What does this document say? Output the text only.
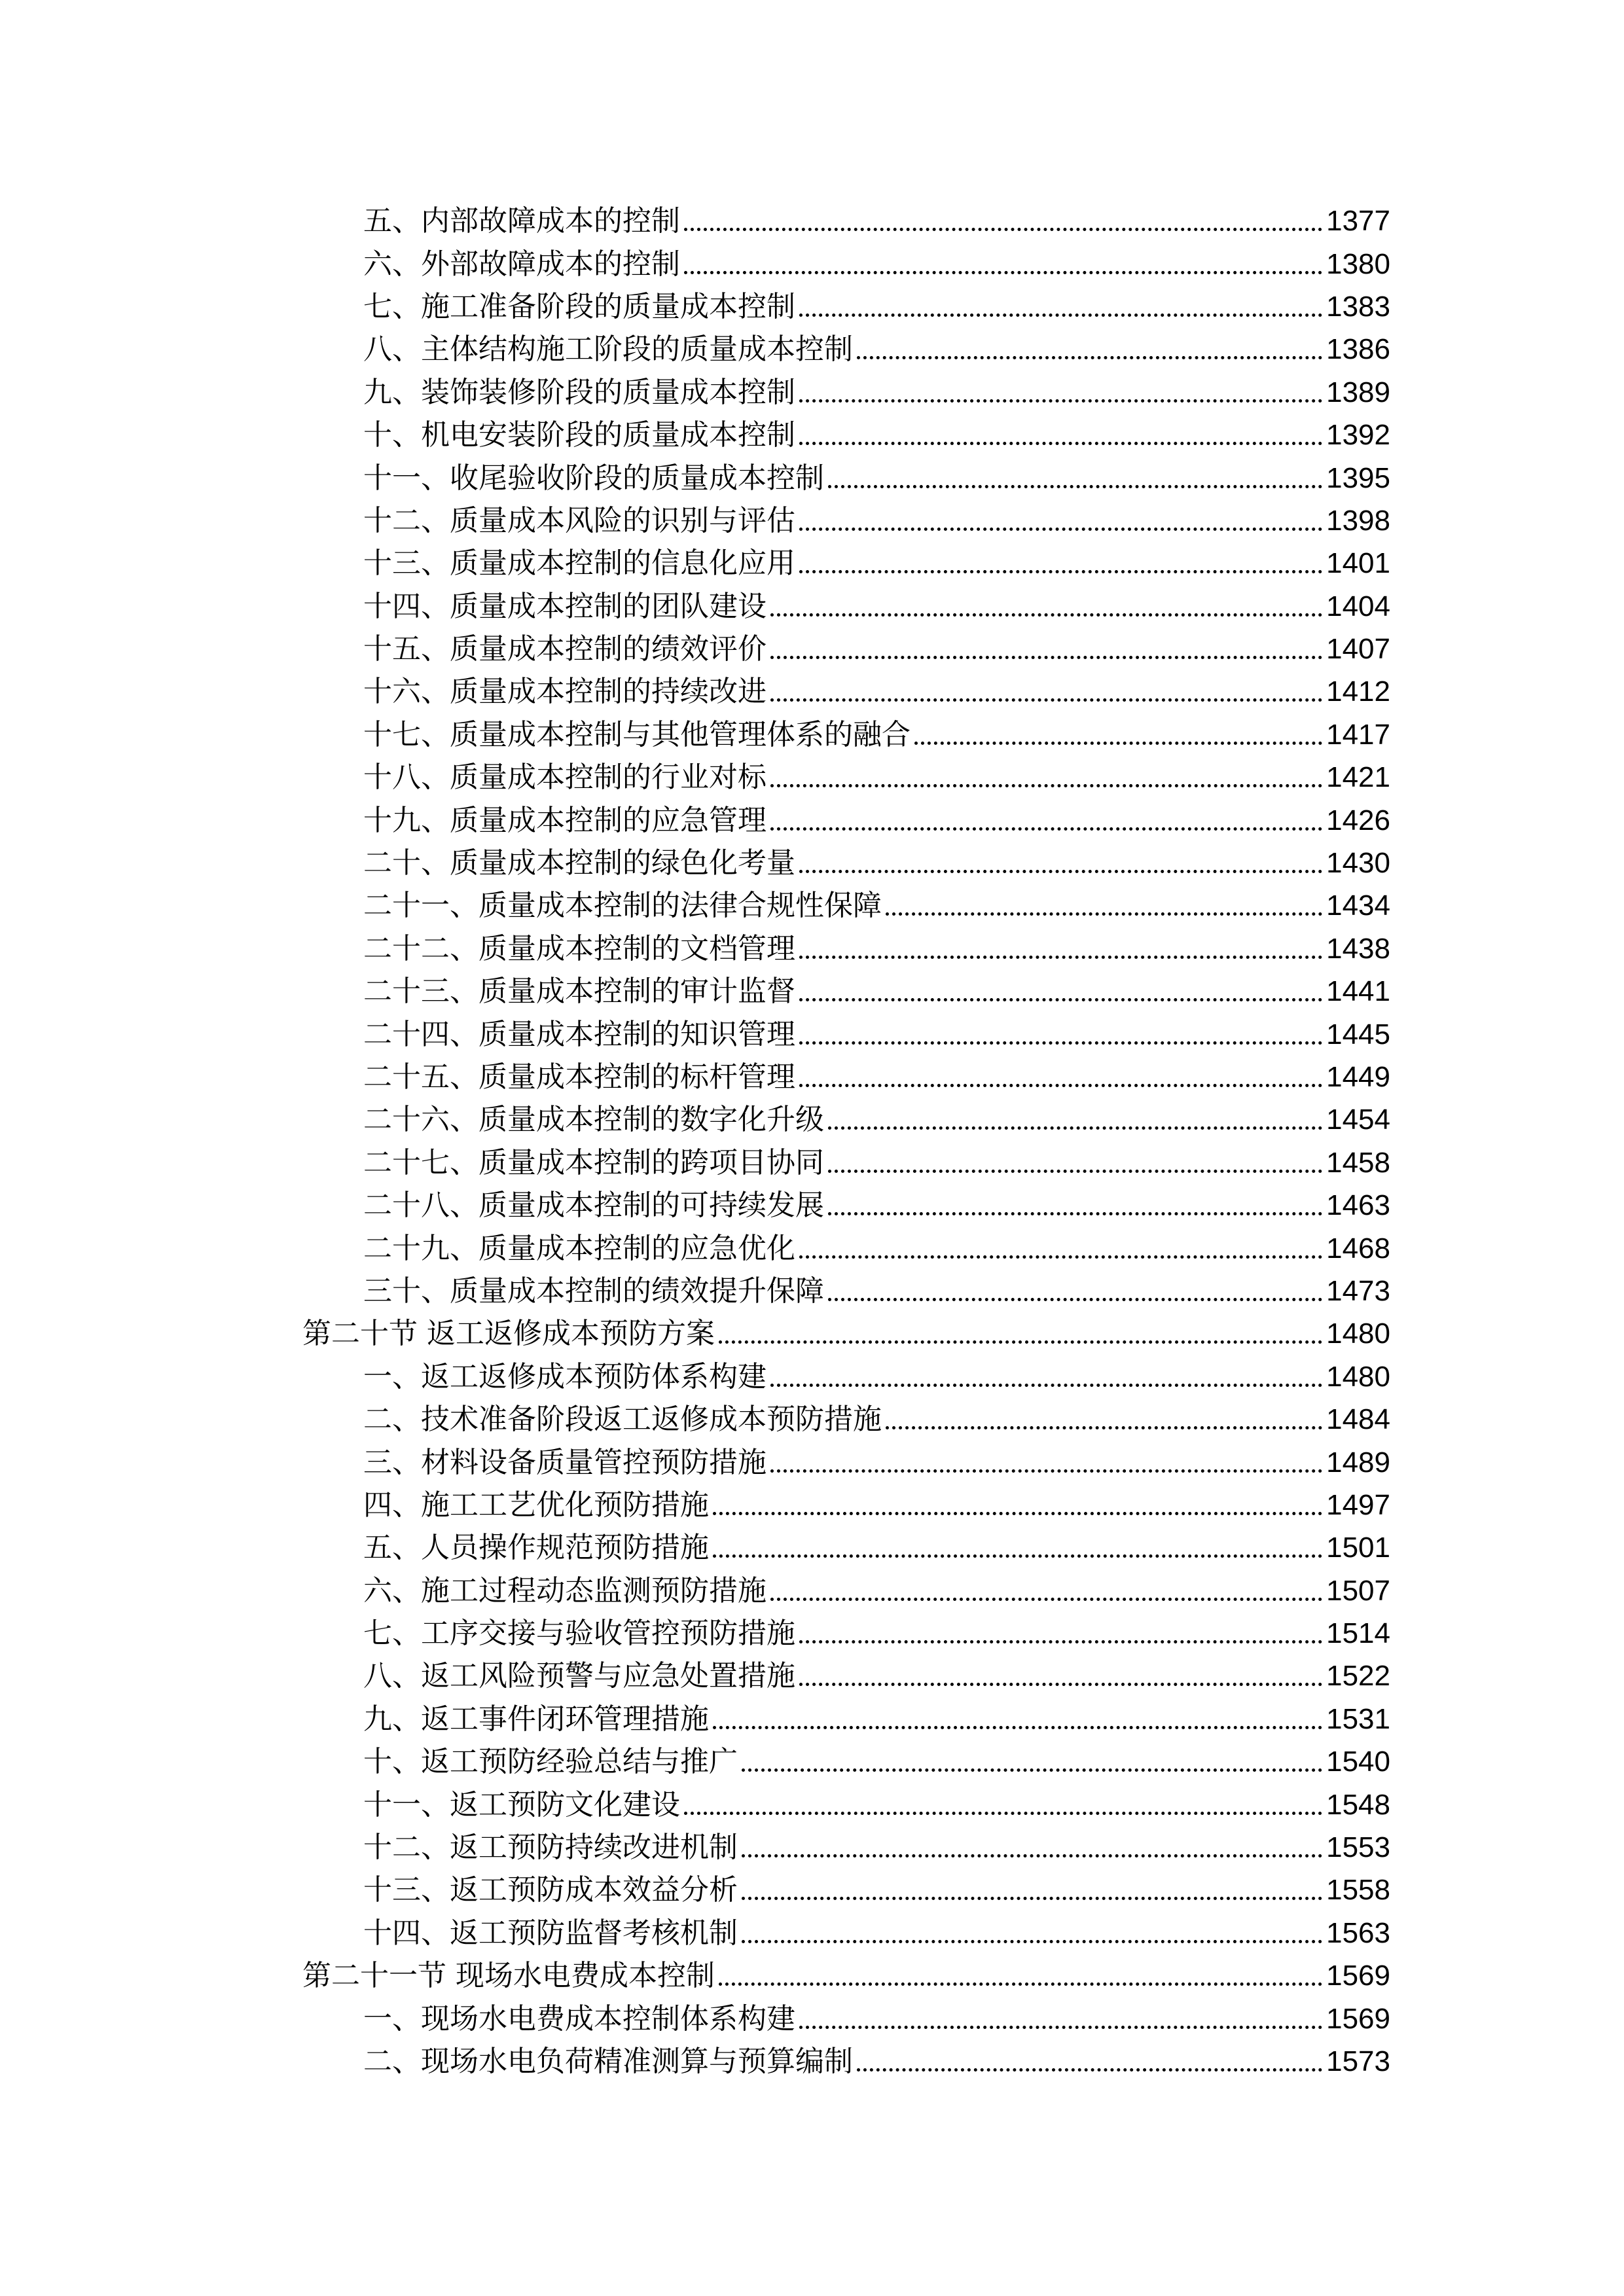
五、内部故障成本的控制	1377
六、外部故障成本的控制	1380
七、施工准备阶段的质量成本控制	1383
八、主体结构施工阶段的质量成本控制	1386
九、装饰装修阶段的质量成本控制	1389
十、机电安装阶段的质量成本控制	1392
十一、收尾验收阶段的质量成本控制	1395
十二、质量成本风险的识别与评估	1398
十三、质量成本控制的信息化应用	1401
十四、质量成本控制的团队建设	1404
十五、质量成本控制的绩效评价	1407
十六、质量成本控制的持续改进	1412
十七、质量成本控制与其他管理体系的融合	1417
十八、质量成本控制的行业对标	1421
十九、质量成本控制的应急管理	1426
二十、质量成本控制的绿色化考量	1430
二十一、质量成本控制的法律合规性保障	1434
二十二、质量成本控制的文档管理	1438
二十三、质量成本控制的审计监督	1441
二十四、质量成本控制的知识管理	1445
二十五、质量成本控制的标杆管理	1449
二十六、质量成本控制的数字化升级	1454
二十七、质量成本控制的跨项目协同	1458
二十八、质量成本控制的可持续发展	1463
二十九、质量成本控制的应急优化	1468
三十、质量成本控制的绩效提升保障	1473
第二十节 返工返修成本预防方案	1480
一、返工返修成本预防体系构建	1480
二、技术准备阶段返工返修成本预防措施	1484
三、材料设备质量管控预防措施	1489
四、施工工艺优化预防措施	1497
五、人员操作规范预防措施	1501
六、施工过程动态监测预防措施	1507
七、工序交接与验收管控预防措施	1514
八、返工风险预警与应急处置措施	1522
九、返工事件闭环管理措施	1531
十、返工预防经验总结与推广	1540
十一、返工预防文化建设	1548
十二、返工预防持续改进机制	1553
十三、返工预防成本效益分析	1558
十四、返工预防监督考核机制	1563
第二十一节 现场水电费成本控制	1569
一、现场水电费成本控制体系构建	1569
二、现场水电负荷精准测算与预算编制	1573
